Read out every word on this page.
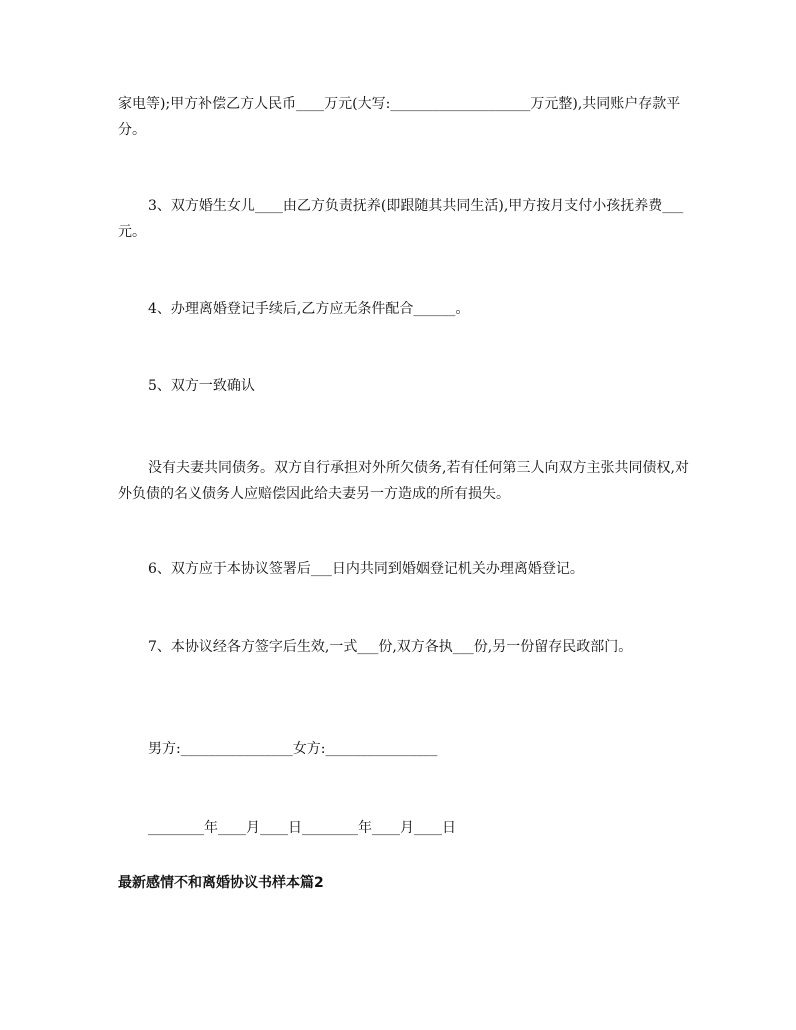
家电等);甲方补偿乙方人民币____万元(大写:____________________万元整),共同账户存款平分。

3、双方婚生女儿____由乙方负责抚养(即跟随其共同生活),甲方按月支付小孩抚养费___元。

4、办理离婚登记手续后,乙方应无条件配合______。

5、双方一致确认

没有夫妻共同债务。双方自行承担对外所欠债务,若有任何第三人向双方主张共同债权,对外负债的名义债务人应赔偿因此给夫妻另一方造成的所有损失。

6、双方应于本协议签署后___日内共同到婚姻登记机关办理离婚登记。

7、本协议经各方签字后生效,一式___份,双方各执___份,另一份留存民政部门。

男方:________________女方:________________

________年____月____日________年____月____日

最新感情不和离婚协议书样本篇2
